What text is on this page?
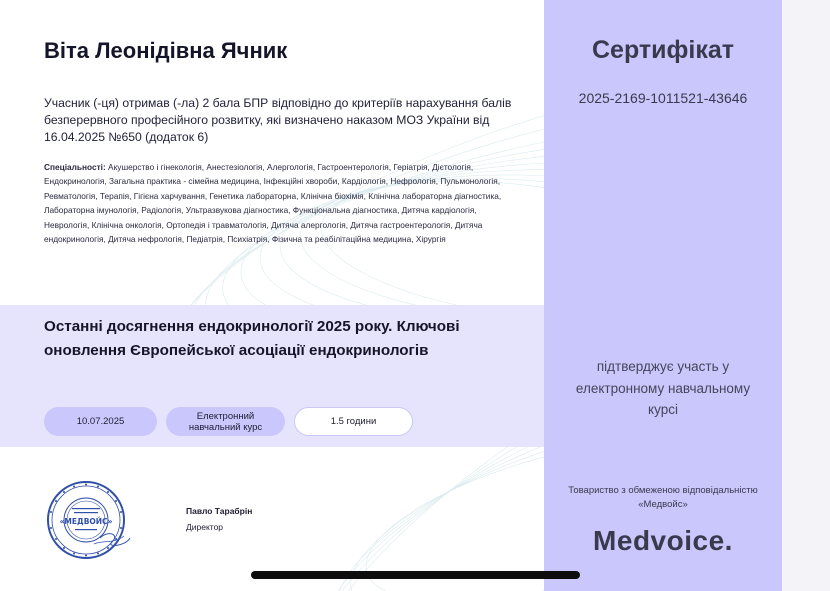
Віта Леонідівна Ячник
Учасник (-ця) отримав (-ла) 2 бала БПР відповідно до критеріїв нарахування балів безперервного професійного розвитку, які визначено наказом МОЗ України від 16.04.2025 №650 (додаток 6)
Спеціальності: Акушерство і гінекологія, Анестезіологія, Алергологія, Гастроентерологія, Геріатрія, Дієтологія, Ендокринологія, Загальна практика - сімейна медицина, Інфекційні хвороби, Кардіологія, Нефрологія, Пульмонологія, Ревматологія, Терапія, Гігієна харчування, Генетика лабораторна, Клінічна біохімія, Клінічна лабораторна діагностика, Лабораторна імунологія, Радіологія, Ультразвукова діагностика, Функціональна діагностика, Дитяча кардіологія, Неврологія, Клінічна онкологія, Ортопедія і травматологія, Дитяча алергологія, Дитяча гастроентерологія, Дитяча ендокринологія, Дитяча нефрологія, Педіатрія, Психіатрія, Фізична та реабілітаційна медицина, Хірургія
Останні досягнення ендокринології 2025 року. Ключові оновлення Європейської асоціації ендокринологів
10.07.2025	Електронний навчальний курс	1.5 години
«МЕДВОЙС»
Павло Тарабрін
Директор
Сертифікат
2025-2169-1011521-43646
підтверджує участь у електронному навчальному курсі
Товариство з обмеженою відповідальністю «Медвойс»
Medvoice.
